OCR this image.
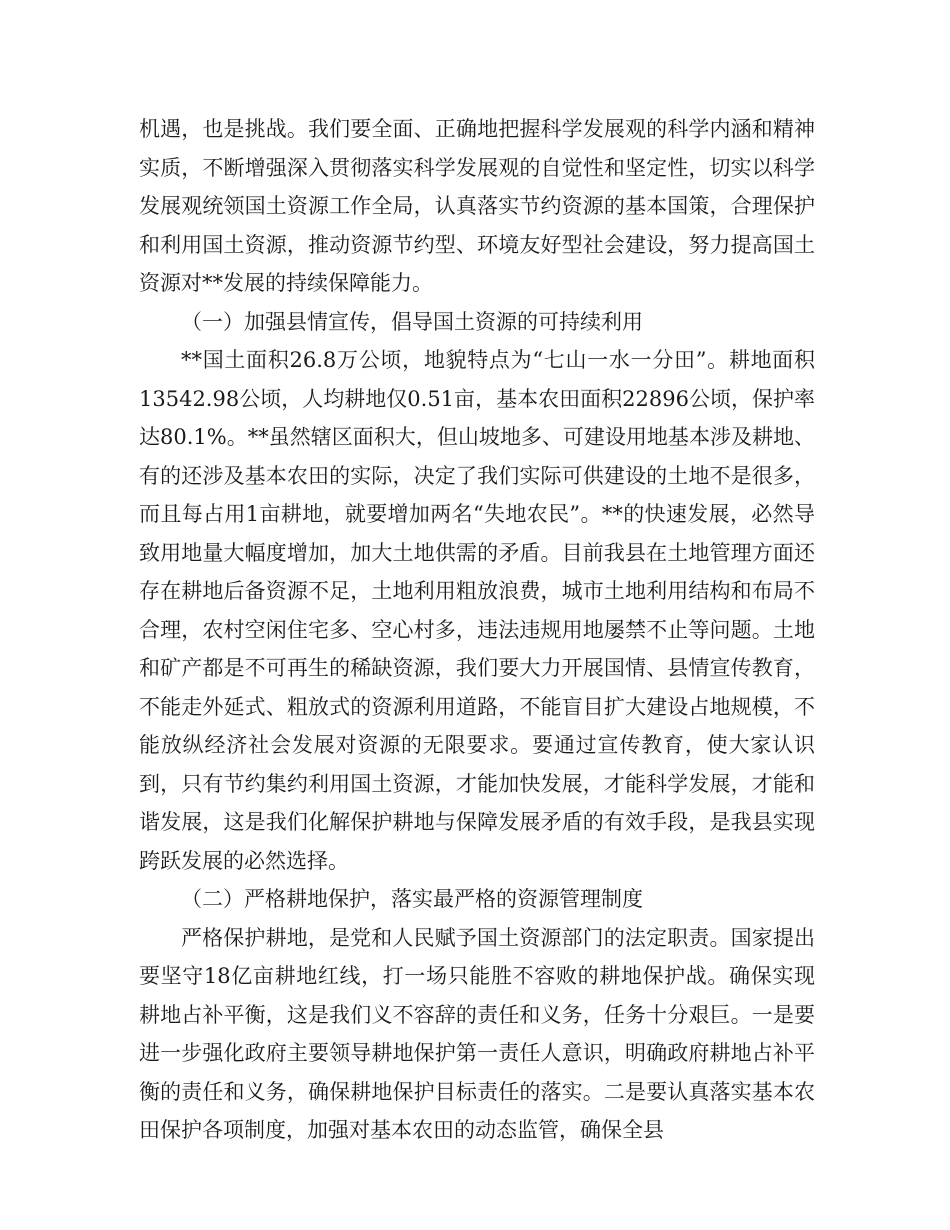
机遇，也是挑战。我们要全面、正确地把握科学发展观的科学内涵和精神实质，不断增强深入贯彻落实科学发展观的自觉性和坚定性，切实以科学发展观统领国土资源工作全局，认真落实节约资源的基本国策，合理保护和利用国土资源，推动资源节约型、环境友好型社会建设，努力提高国土资源对**发展的持续保障能力。

（一）加强县情宣传，倡导国土资源的可持续利用

**国土面积26.8万公顷，地貌特点为“七山一水一分田”。耕地面积13542.98公顷，人均耕地仅0.51亩，基本农田面积22896公顷，保护率达80.1%。**虽然辖区面积大，但山坡地多、可建设用地基本涉及耕地、有的还涉及基本农田的实际，决定了我们实际可供建设的土地不是很多，而且每占用1亩耕地，就要增加两名“失地农民”。**的快速发展，必然导致用地量大幅度增加，加大土地供需的矛盾。目前我县在土地管理方面还存在耕地后备资源不足，土地利用粗放浪费，城市土地利用结构和布局不合理，农村空闲住宅多、空心村多，违法违规用地屡禁不止等问题。土地和矿产都是不可再生的稀缺资源，我们要大力开展国情、县情宣传教育，不能走外延式、粗放式的资源利用道路，不能盲目扩大建设占地规模，不能放纵经济社会发展对资源的无限要求。要通过宣传教育，使大家认识到，只有节约集约利用国土资源，才能加快发展，才能科学发展，才能和谐发展，这是我们化解保护耕地与保障发展矛盾的有效手段，是我县实现跨跃发展的必然选择。

（二）严格耕地保护，落实最严格的资源管理制度

严格保护耕地，是党和人民赋予国土资源部门的法定职责。国家提出要坚守18亿亩耕地红线，打一场只能胜不容败的耕地保护战。确保实现耕地占补平衡，这是我们义不容辞的责任和义务，任务十分艰巨。一是要进一步强化政府主要领导耕地保护第一责任人意识，明确政府耕地占补平衡的责任和义务，确保耕地保护目标责任的落实。二是要认真落实基本农田保护各项制度，加强对基本农田的动态监管，确保全县
